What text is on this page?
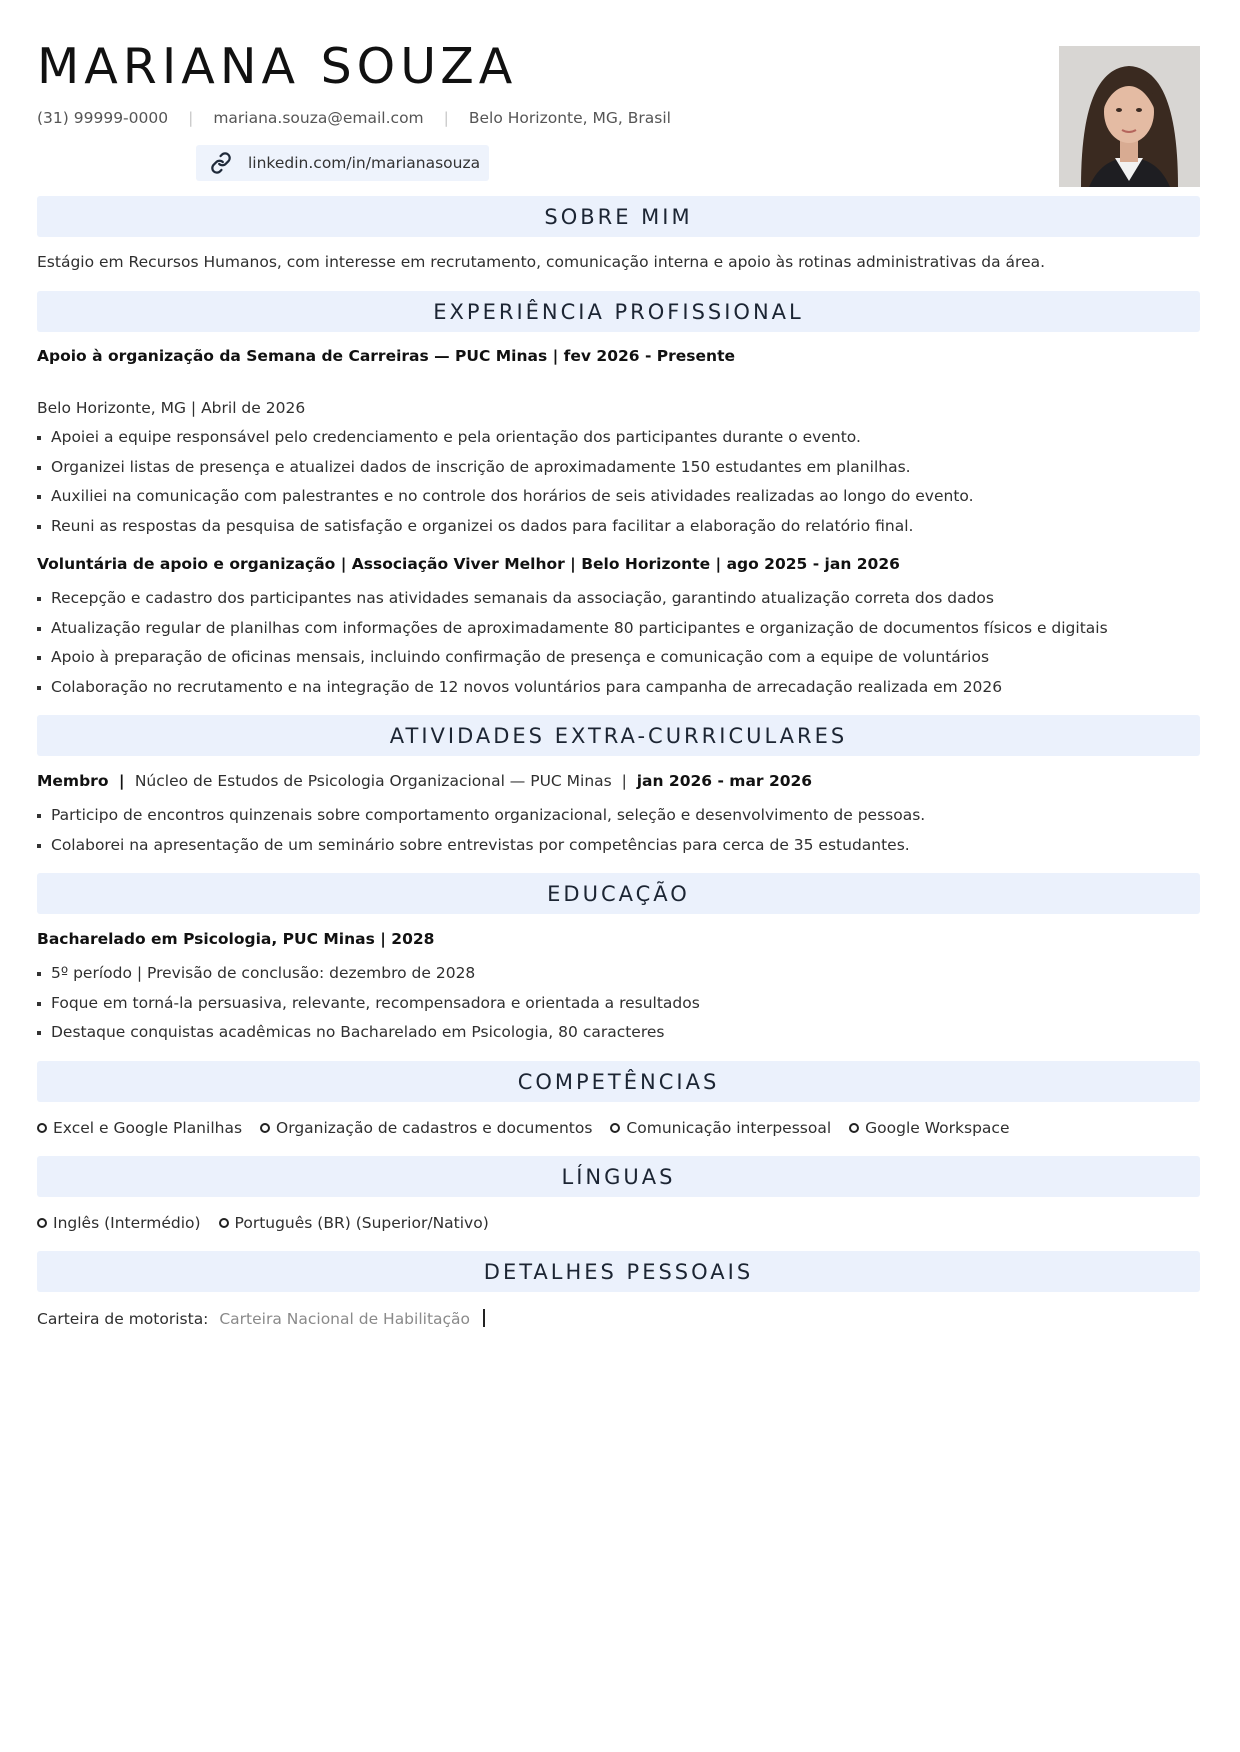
MARIANA SOUZA
(31) 99999-0000 | mariana.souza@email.com | Belo Horizonte, MG, Brasil
linkedin.com/in/marianasouza
SOBRE MIM
Estágio em Recursos Humanos, com interesse em recrutamento, comunicação interna e apoio às rotinas administrativas da área.
EXPERIÊNCIA PROFISSIONAL
Apoio à organização da Semana de Carreiras — PUC Minas | fev 2026 - Presente
Belo Horizonte, MG | Abril de 2026
Apoiei a equipe responsável pelo credenciamento e pela orientação dos participantes durante o evento.
Organizei listas de presença e atualizei dados de inscrição de aproximadamente 150 estudantes em planilhas.
Auxiliei na comunicação com palestrantes e no controle dos horários de seis atividades realizadas ao longo do evento.
Reuni as respostas da pesquisa de satisfação e organizei os dados para facilitar a elaboração do relatório final.
Voluntária de apoio e organização | Associação Viver Melhor | Belo Horizonte | ago 2025 - jan 2026
Recepção e cadastro dos participantes nas atividades semanais da associação, garantindo atualização correta dos dados
Atualização regular de planilhas com informações de aproximadamente 80 participantes e organização de documentos físicos e digitais
Apoio à preparação de oficinas mensais, incluindo confirmação de presença e comunicação com a equipe de voluntários
Colaboração no recrutamento e na integração de 12 novos voluntários para campanha de arrecadação realizada em 2026
ATIVIDADES EXTRA-CURRICULARES
Membro  |  Núcleo de Estudos de Psicologia Organizacional — PUC Minas  |  jan 2026 - mar 2026
Participo de encontros quinzenais sobre comportamento organizacional, seleção e desenvolvimento de pessoas.
Colaborei na apresentação de um seminário sobre entrevistas por competências para cerca de 35 estudantes.
EDUCAÇÃO
Bacharelado em Psicologia, PUC Minas | 2028
5º período | Previsão de conclusão: dezembro de 2028
Foque em torná-la persuasiva, relevante, recompensadora e orientada a resultados
Destaque conquistas acadêmicas no Bacharelado em Psicologia, 80 caracteres
COMPETÊNCIAS
Excel e Google Planilhas Organização de cadastros e documentos Comunicação interpessoal Google Workspace
LÍNGUAS
Inglês (Intermédio) Português (BR) (Superior/Nativo)
DETALHES PESSOAIS
Carteira de motorista: Carteira Nacional de Habilitação
